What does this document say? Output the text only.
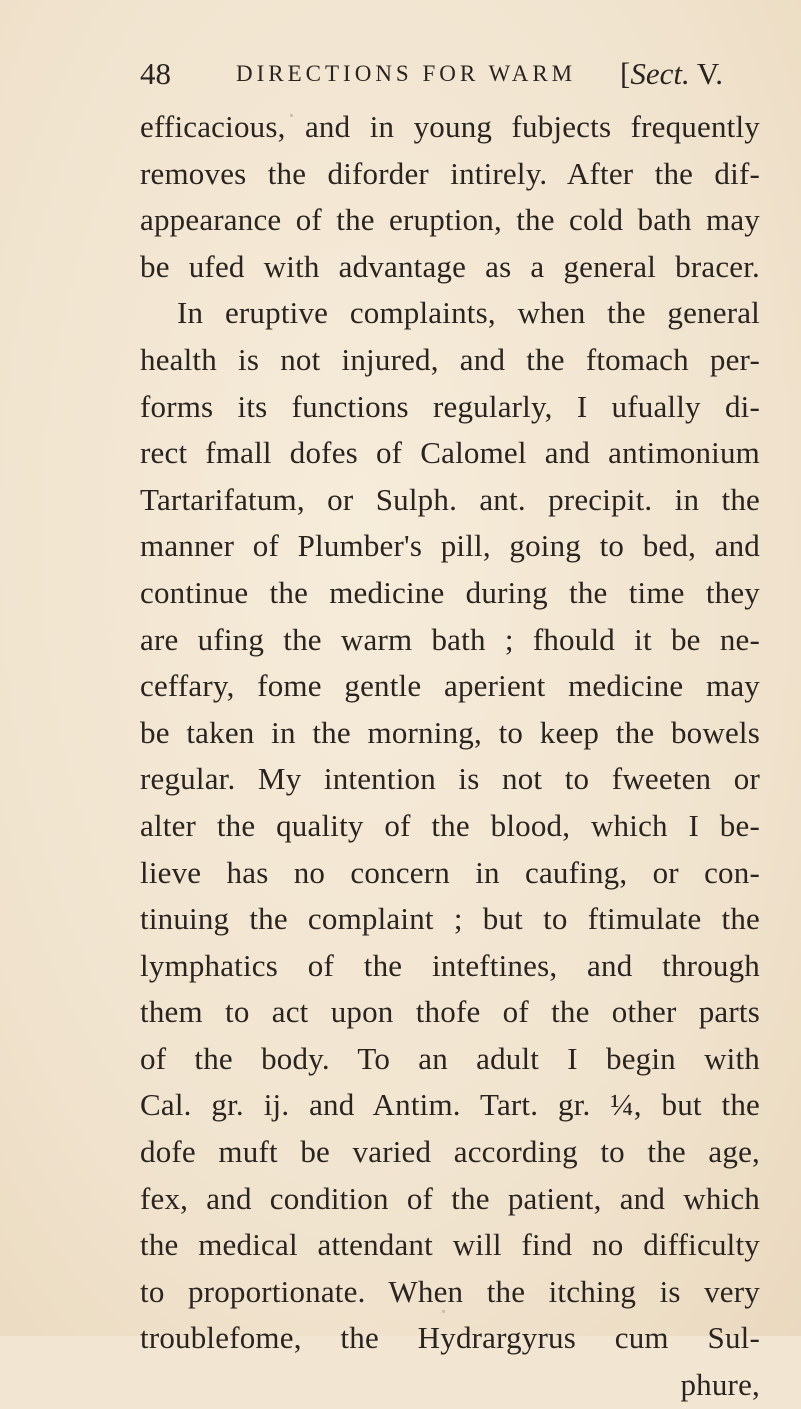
48	DIRECTIONS FOR WARM [Sect. V.
efficacious, and in young fubjects frequently
removes the diforder intirely. After the dif-
appearance of the eruption, the cold bath may
be ufed with advantage as a general bracer.
In eruptive complaints, when the general
health is not injured, and the ftomach per-
forms its functions regularly, I ufually di-
rect fmall dofes of Calomel and antimonium
Tartarifatum, or Sulph. ant. precipit. in the
manner of Plumber's pill, going to bed, and
continue the medicine during the time they
are ufing the warm bath ; fhould it be ne-
ceffary, fome gentle aperient medicine may
be taken in the morning, to keep the bowels
regular. My intention is not to fweeten or
alter the quality of the blood, which I be-
lieve has no concern in caufing, or con-
tinuing the complaint ; but to ftimulate the
lymphatics of the inteftines, and through
them to act upon thofe of the other parts
of the body. To an adult I begin with
Cal. gr. ij. and Antim. Tart. gr. ¼, but the
dofe muft be varied according to the age,
fex, and condition of the patient, and which
the medical attendant will find no difficulty
to proportionate. When the itching is very
troublefome, the Hydrargyrus cum Sul-
phure,
